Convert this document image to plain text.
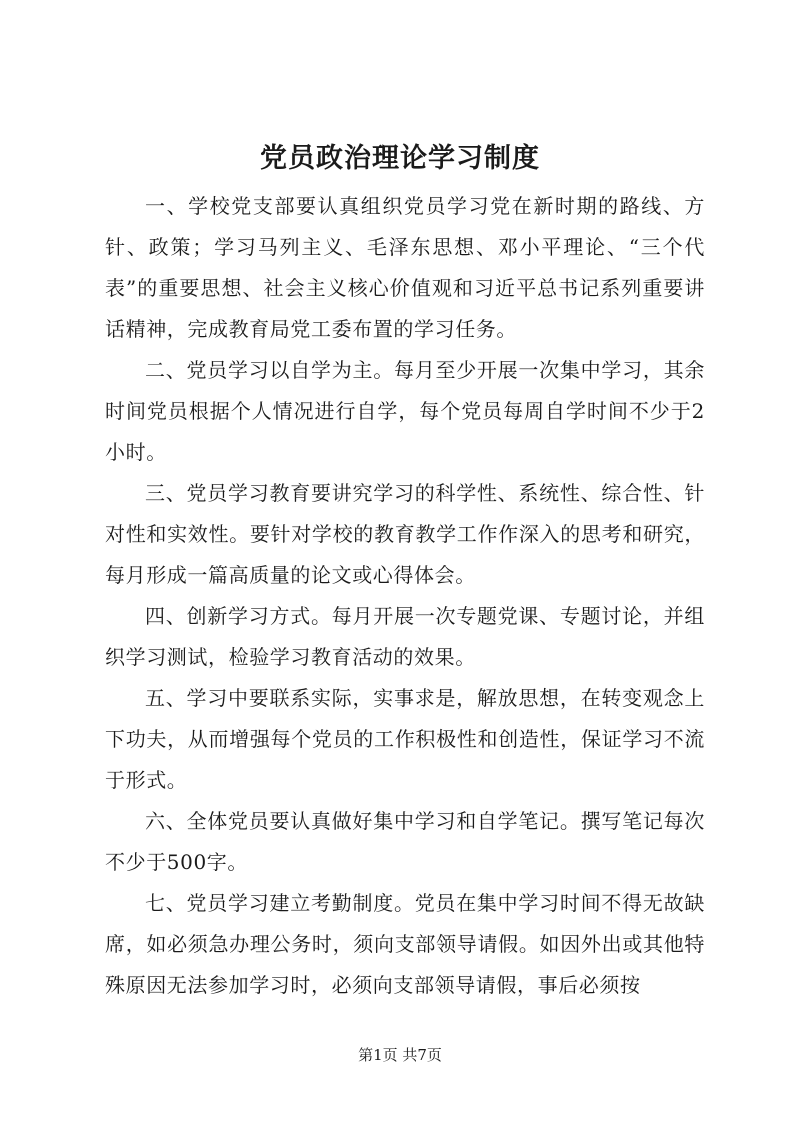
党员政治理论学习制度

一、学校党支部要认真组织党员学习党在新时期的路线、方针、政策；学习马列主义、毛泽东思想、邓小平理论、“三个代表”的重要思想、社会主义核心价值观和习近平总书记系列重要讲话精神，完成教育局党工委布置的学习任务。

二、党员学习以自学为主。每月至少开展一次集中学习，其余时间党员根据个人情况进行自学，每个党员每周自学时间不少于2小时。

三、党员学习教育要讲究学习的科学性、系统性、综合性、针对性和实效性。要针对学校的教育教学工作作深入的思考和研究，每月形成一篇高质量的论文或心得体会。

四、创新学习方式。每月开展一次专题党课、专题讨论，并组织学习测试，检验学习教育活动的效果。

五、学习中要联系实际，实事求是，解放思想，在转变观念上下功夫，从而增强每个党员的工作积极性和创造性，保证学习不流于形式。

六、全体党员要认真做好集中学习和自学笔记。撰写笔记每次不少于500字。

七、党员学习建立考勤制度。党员在集中学习时间不得无故缺席，如必须急办理公务时，须向支部领导请假。如因外出或其他特殊原因无法参加学习时，必须向支部领导请假，事后必须按

第1页 共7页
